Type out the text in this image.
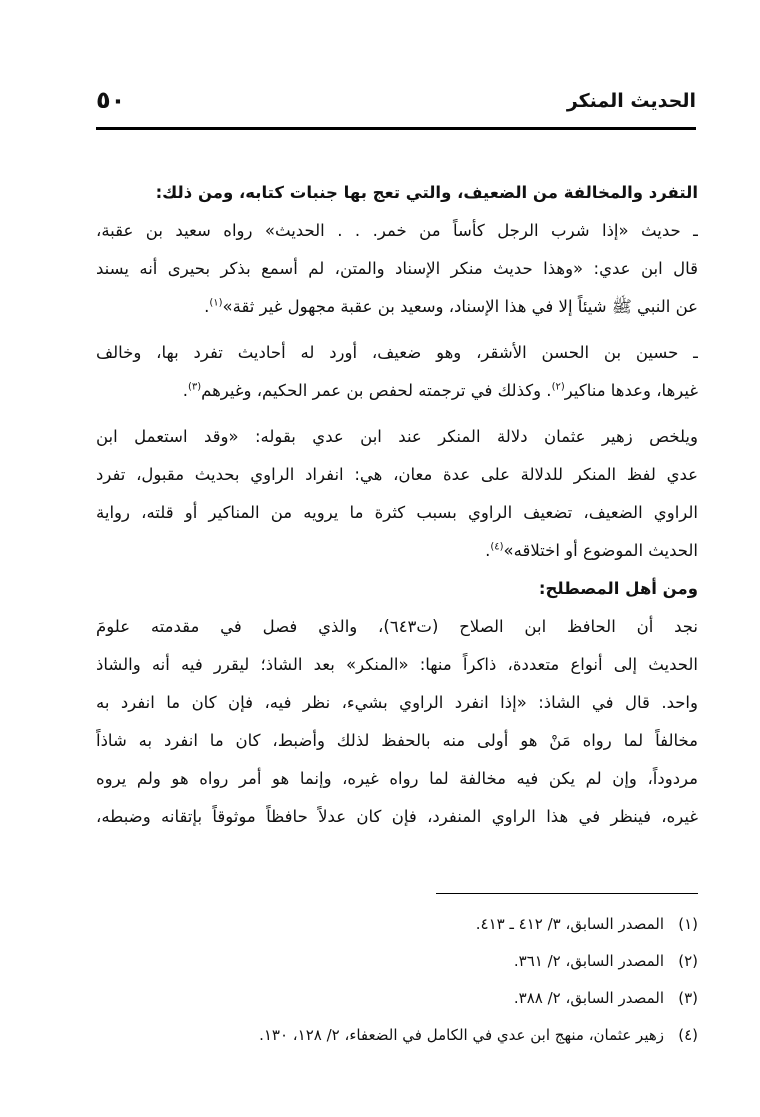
الحديث المنكر
٥٠
التفرد والمخالفة من الضعيف، والتي تعج بها جنبات كتابه، ومن ذلك:
ـ حديث «إذا شرب الرجل كأساً من خمر. . . الحديث» رواه سعيد بن عقبة،
قال ابن عدي: «وهذا حديث منكر الإسناد والمتن، لم أسمع بذكر بحيرى أنه يسند
عن النبي ﷺ شيئاً إلا في هذا الإسناد، وسعيد بن عقبة مجهول غير ثقة»$^{(١)}$.
ـ حسين بن الحسن الأشقر، وهو ضعيف، أورد له أحاديث تفرد بها، وخالف
غيرها، وعدها مناكير$^{(٢)}$. وكذلك في ترجمته لحفص بن عمر الحكيم، وغيرهم$^{(٣)}$.
ويلخص زهير عثمان دلالة المنكر عند ابن عدي بقوله: «وقد استعمل ابن
عدي لفظ المنكر للدلالة على عدة معان، هي: انفراد الراوي بحديث مقبول، تفرد
الراوي الضعيف، تضعيف الراوي بسبب كثرة ما يرويه من المناكير أو قلته، رواية
الحديث الموضوع أو اختلاقه»$^{(٤)}$.
ومن أهل المصطلح:
نجد أن الحافظ ابن الصلاح (ت٦٤٣)، والذي فصل في مقدمته علومَ
الحديث إلى أنواع متعددة، ذاكراً منها: «المنكر» بعد الشاذ؛ ليقرر فيه أنه والشاذ
واحد. قال في الشاذ: «إذا انفرد الراوي بشيء، نظر فيه، فإن كان ما انفرد به
مخالفاً لما رواه مَنْ هو أولى منه بالحفظ لذلك وأضبط، كان ما انفرد به شاذاً
مردوداً، وإن لم يكن فيه مخالفة لما رواه غيره، وإنما هو أمر رواه هو ولم يروه
غيره، فينظر في هذا الراوي المنفرد، فإن كان عدلاً حافظاً موثوقاً بإتقانه وضبطه،
(١)المصدر السابق، ٣/ ٤١٢ ـ ٤١٣.
(٢)المصدر السابق، ٢/ ٣٦١.
(٣)المصدر السابق، ٢/ ٣٨٨.
(٤)زهير عثمان، منهج ابن عدي في الكامل في الضعفاء، ٢/ ١٢٨، ١٣٠.
